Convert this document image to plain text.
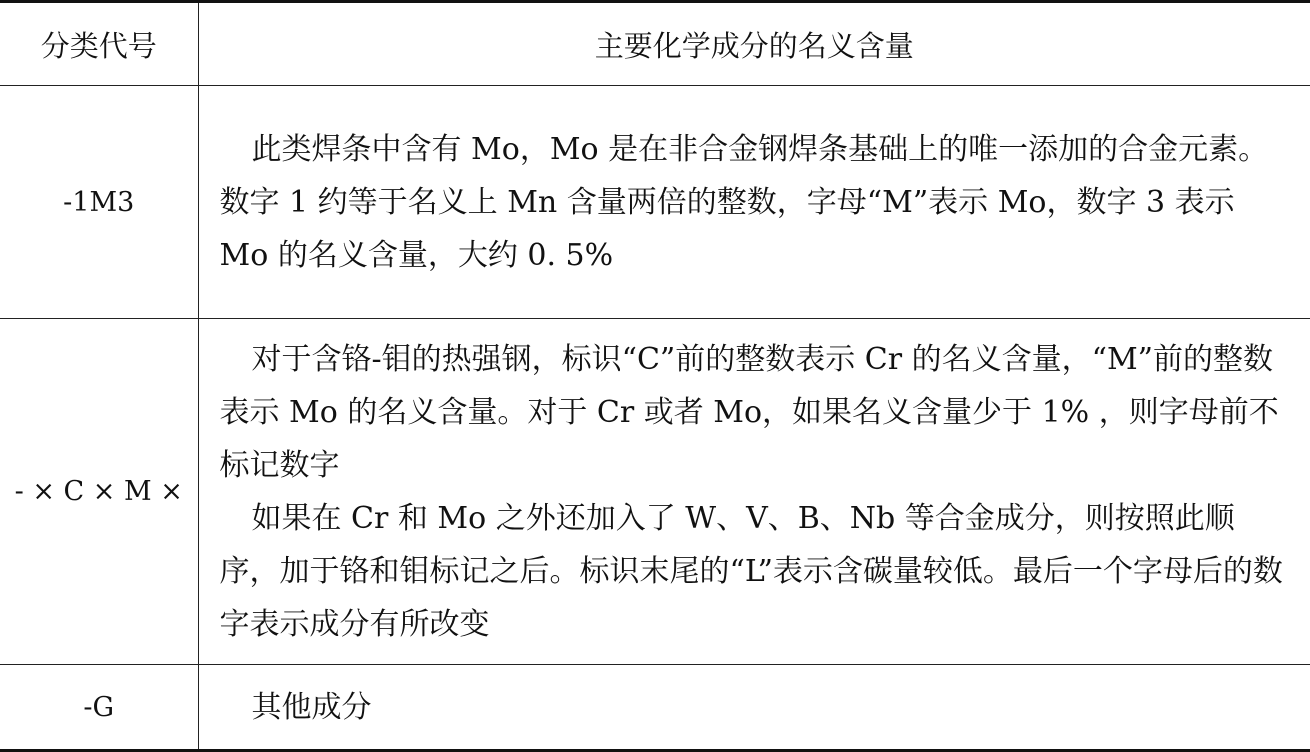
分类代号	主要化学成分的名义含量
-1M3	此类焊条中含有 Mo，Mo 是在非合金钢焊条基础上的唯一添加的合金元素。数字 1 约等于名义上 Mn 含量两倍的整数，字母“M”表示 Mo，数字 3 表示 Mo 的名义含量，大约 0. 5%

- × C × M ×	对于含铬-钼的热强钢，标识“C”前的整数表示 Cr 的名义含量，“M”前的整数表示 Mo 的名义含量。对于 Cr 或者 Mo，如果名义含量少于 1% ，则字母前不标记数字
如果在 Cr 和 Mo 之外还加入了 W、V、B、Nb 等合金成分，则按照此顺序，加于铬和钼标记之后。标识末尾的“L”表示含碳量较低。最后一个字母后的数字表示成分有所改变

-G	其他成分
